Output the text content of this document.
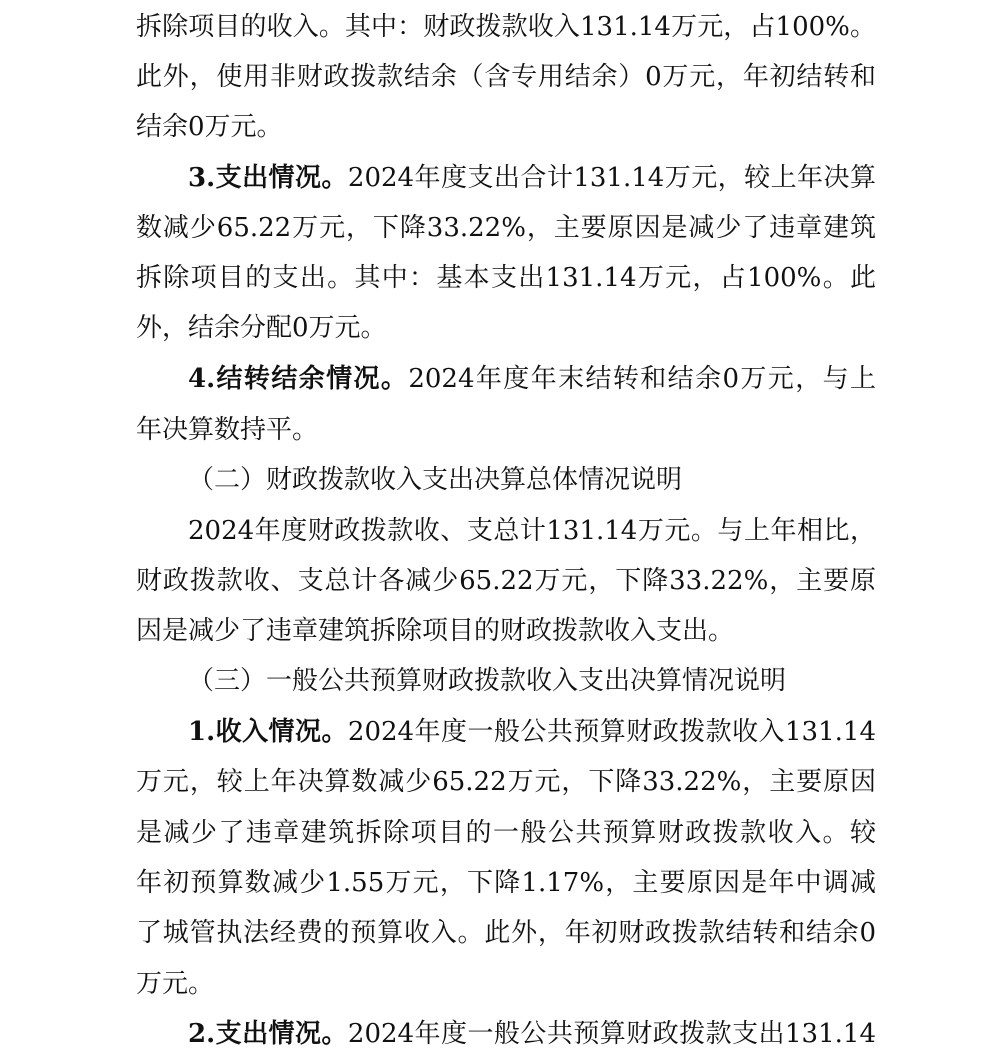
拆除项目的收入。其中：财政拨款收入131.14万元，占100%。
此外，使用非财政拨款结余（含专用结余）0万元，年初结转和
结余0万元。
3.支出情况。2024年度支出合计131.14万元，较上年决算
数减少65.22万元，下降33.22%，主要原因是减少了违章建筑
拆除项目的支出。其中：基本支出131.14万元，占100%。此
外，结余分配0万元。
4.结转结余情况。2024年度年末结转和结余0万元，与上
年决算数持平。
（二）财政拨款收入支出决算总体情况说明
2024年度财政拨款收、支总计131.14万元。与上年相比，
财政拨款收、支总计各减少65.22万元，下降33.22%，主要原
因是减少了违章建筑拆除项目的财政拨款收入支出。
（三）一般公共预算财政拨款收入支出决算情况说明
1.收入情况。2024年度一般公共预算财政拨款收入131.14
万元，较上年决算数减少65.22万元，下降33.22%，主要原因
是减少了违章建筑拆除项目的一般公共预算财政拨款收入。较
年初预算数减少1.55万元，下降1.17%，主要原因是年中调减
了城管执法经费的预算收入。此外，年初财政拨款结转和结余0
万元。
2.支出情况。2024年度一般公共预算财政拨款支出131.14
